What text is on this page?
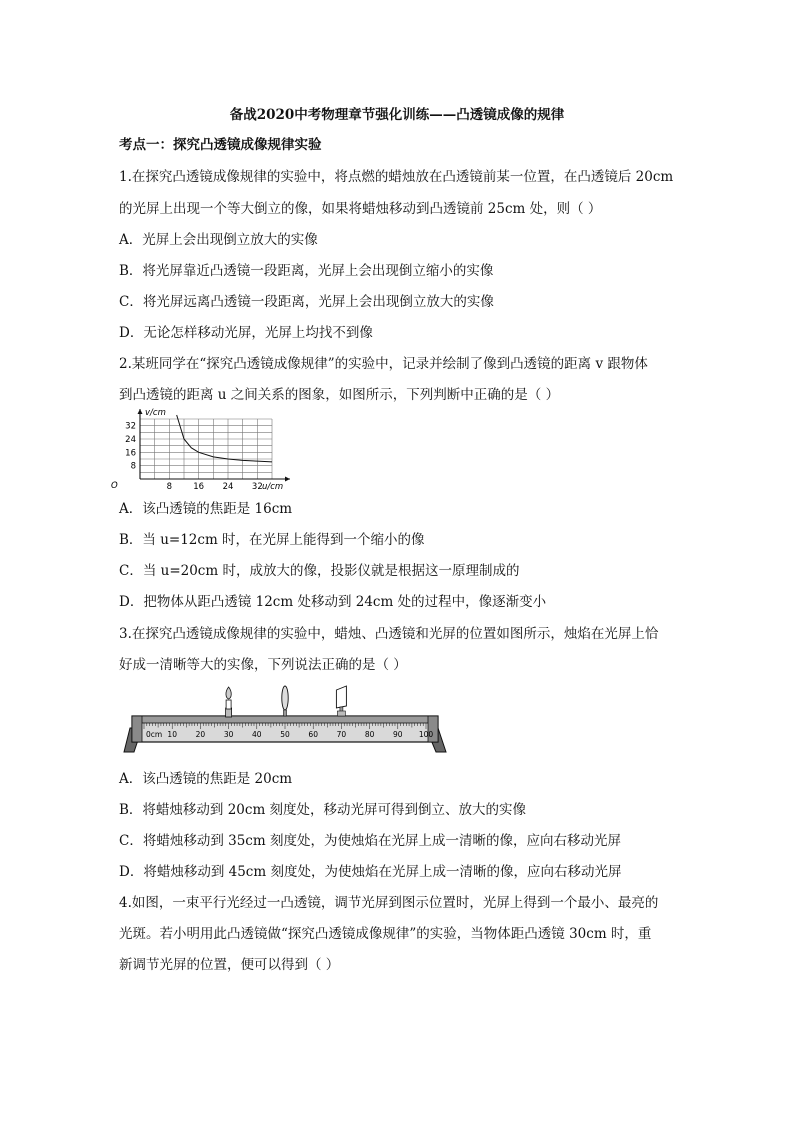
备战2020中考物理章节强化训练——凸透镜成像的规律
考点一：探究凸透镜成像规律实验
1.在探究凸透镜成像规律的实验中，将点燃的蜡烛放在凸透镜前某一位置，在凸透镜后 20cm
的光屏上出现一个等大倒立的像，如果将蜡烛移动到凸透镜前 25cm 处，则（ ）
A．光屏上会出现倒立放大的实像
B．将光屏靠近凸透镜一段距离，光屏上会出现倒立缩小的实像
C．将光屏远离凸透镜一段距离，光屏上会出现倒立放大的实像
D．无论怎样移动光屏，光屏上均找不到像
2.某班同学在“探究凸透镜成像规律”的实验中，记录并绘制了像到凸透镜的距离 v 跟物体
到凸透镜的距离 u 之间关系的图象，如图所示，下列判断中正确的是（ ）
v/cm
u/cm
O
32
24
16
8
8 16 24 32
A．该凸透镜的焦距是 16cm
B．当 u=12cm 时，在光屏上能得到一个缩小的像
C．当 u=20cm 时，成放大的像，投影仪就是根据这一原理制成的
D．把物体从距凸透镜 12cm 处移动到 24cm 处的过程中，像逐渐变小
3.在探究凸透镜成像规律的实验中，蜡烛、凸透镜和光屏的位置如图所示，烛焰在光屏上恰
好成一清晰等大的实像，下列说法正确的是（ ）
0cm 10 20 30 40 50 60 70 80 90 100
A．该凸透镜的焦距是 20cm
B．将蜡烛移动到 20cm 刻度处，移动光屏可得到倒立、放大的实像
C．将蜡烛移动到 35cm 刻度处，为使烛焰在光屏上成一清晰的像，应向右移动光屏
D．将蜡烛移动到 45cm 刻度处，为使烛焰在光屏上成一清晰的像，应向右移动光屏
4.如图，一束平行光经过一凸透镜，调节光屏到图示位置时，光屏上得到一个最小、最亮的
光斑。若小明用此凸透镜做“探究凸透镜成像规律”的实验，当物体距凸透镜 30cm 时，重
新调节光屏的位置，便可以得到（ ）
